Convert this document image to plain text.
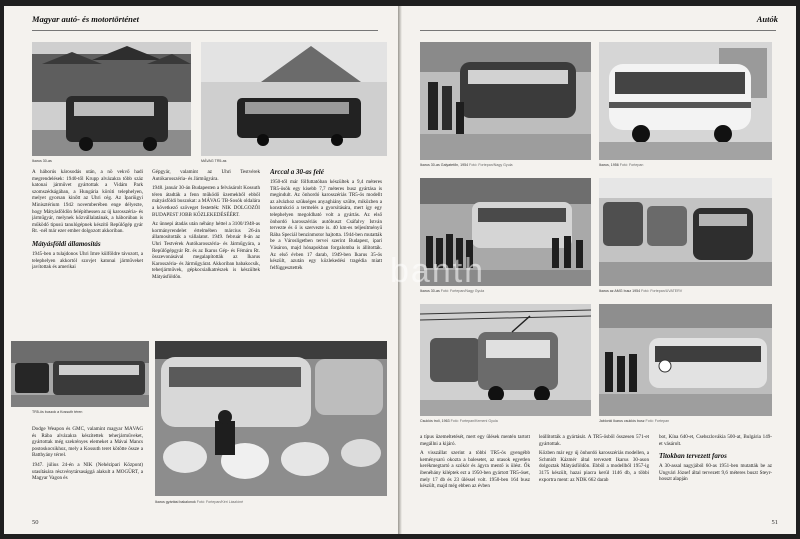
Magyar autó- és motortörténet
Ikarus 30-as	MÁVAG TR5-as

A háborús károsodás után, a nö vekvő hadi megrendelések: 1940-től Krupp alvázakra több száz katonai járművet gyártottak a Vidám Park szomszédságában, a Hungária körúti telephelyen, melyet gyorsan kinőtt az Uhri cég. Az Ipariügyi Minisztérium 1942 novemberében enge délyezte, hogy Mátyásföldön felépíthessen az új karosszéria- és járműgyár, melynek közvállalatának, a háborúban is működő tipusú tanulógépnek készítő Repülőgép gyár Rt. -nél már ezer ember dolgozott akkoriban.

Mátyásföldi államosítás

1945-ben a tulajdonos Uhri Imre külföldre távozott, a telephelyen akkortól szovjet katonai járműveket javítottak és amerikai

Gépgyár, valamint az Uhri Testvérek Autókarosszéria- és Járműgyára.

1948. január 30-án Budapesten a felvásárolt Kossuth téren átadták a fenn működő üzemekből ebből mátyásföldi buszokat: a MÁVAG TB-Sosók oldalára a következő szöveget festették: NIK DOLGOZÓI BUDAPEST JOBB KÖZLEKEDÉSÉÉRT.

Az ünnepi átadás után néhány héttel a 3100/1948-as kormányrendelet értelmében március 26-án államosították a vállalatot. 1949. február 8-án az Uhri Testvérek Autókarosszéria- és Járműgyára, a Repülőgépgyár Rt. és az Ikarus Gép- és Fémáru Rt. összevonásával megalapították az Ikarus Karosszéria- és Járműgyárat. Akkoriban babakocsik, teherjárművek, gépkocsialkatrészek is készültek Mátyásföldön.

Arccal a 30-as felé

1950-től már fölfuttatóban készültek a 9,4 méteres TR5-ösök egy kisebb 7,7 méteres busz gyártása is megindult. Az önhordó karosszériás TR5-ös modellt az alvázhoz szükséges anyaghiány szülte, miközben a konstrukció a termelés a gyorsítására, mert így egy telephelyen megoldható volt a gyártás. Az első önhordó karosszériás autóbuszt Csáfalvy István tervezte és ő is szervezte is. 40 km-es teljesítményű Rába Speciál benzinmotor hajtotta. 1944-ben mutatták be a Városligetben tervei szerint Budapest, ipari Vásáron, majd hónapokban forgalomba is állították. Az első évben 17 darab, 1949-ben Ikarus 35-ös készült, azután egy közlekedési tragédia miatt felfüggesztették

TR5-ös buszok a Kossuth téren

Dodge Weapon és GMC, valamint magyar MÁVAG és Rába alvázakra készítettek teherjárműveket, gyártottak még szekrényes elemeket a Mávai Mancs postoskocsikhoz, mely a Kossuth teret kötötte össze a Batthyány térrel.

1947. július 24-én a NIK (Nehézipari Központ) utasítására részvénytársasággá alakult a MOGÜRT, a Magyar Vagon és

Ikarus gyártási bakalonok Fotó: Fortepan/Kéri Lászlóné
50
Autók
Ikarus 30-as Galyatetőn, 1954 Fotó: Fortepan/Nagy Gyula	Ikarus, 1956 Fotó: Fortepan
Ikarus 30-as Fotó: Fortepan/Nagy Gyula	Ikarus az AMG busz 1954 Fotó: Fortepan/UVATERV
Csuklós troli, 1963 Fotó: Fortepan/Kemeni Gyula	Jablonki Ikarus csuklós busz Fotó: Fortepan

a típus üzemeltetését, mert egy ülések mentén tartott megállni a kijáró.

A visszállat szerint a többi TR5-ös gyengébb keménysarú okozta a balesetet, az utasok egyetlen kerékmegtartó a szókór és ágyra mentő is ülést. Ők ibenéhány kiléptek ezt a 1950-ben gyártott TR5-öset, mely 17 db és 23 üléssel volt. 1950-ben 164 busz készült, majd még ebben az évben

leállították a gyártását. A TR5-ösből összesen 571-et gyártottak.

Közben már egy új önhordó karosszériás modellen, a Schmidt Kázmér által tervezett Ikarus 30-ason dolgoztak Mátyásföldön. Ebből a modellből 1957-ig 3175 készült, hazai piacra kerül 1146 db, a többi exportra ment: az NDK 662 darab

bot, Kína 640-et, Csehszlovákia 500-at, Bulgária 149-et vásárolt.

Titokban tervezett faros

A 30-assal nagyjából 60-as 1951-ben mutatták be az Ungvári József által tervezett 9,6 méteres buszt Steyr-hosszt alapján

51
banth
